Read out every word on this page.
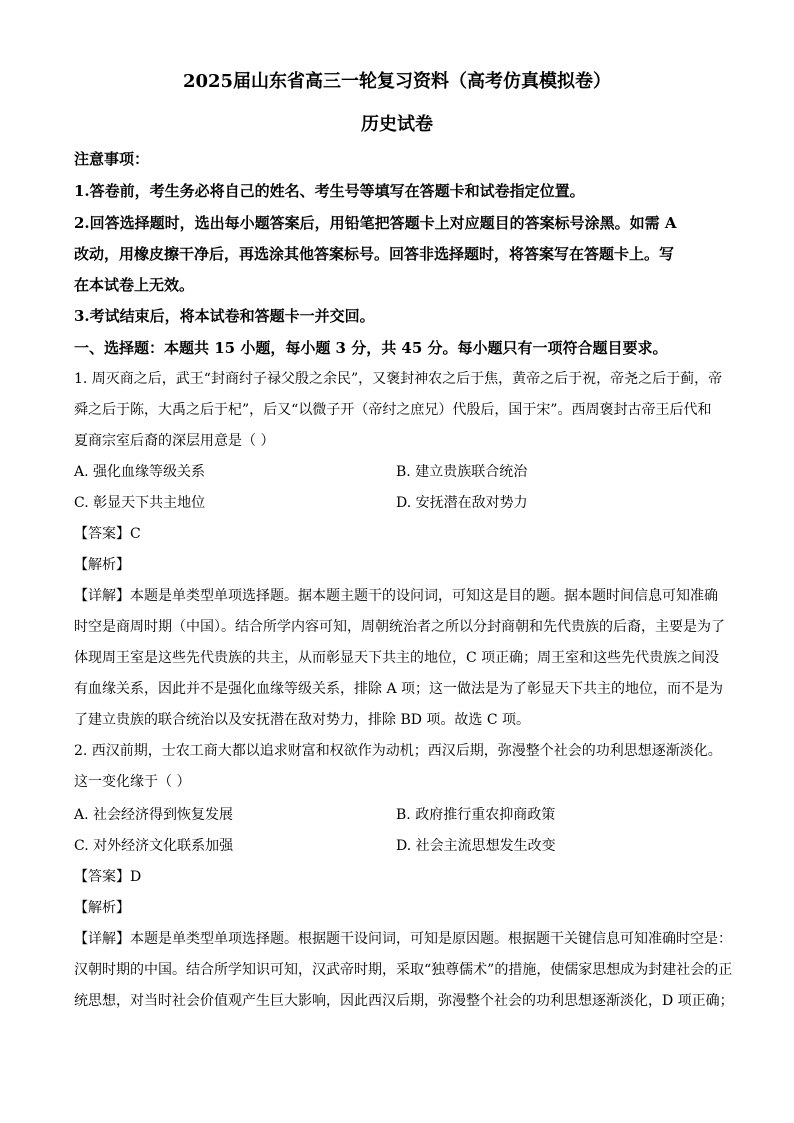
2025届山东省高三一轮复习资料（高考仿真模拟卷）
历史试卷
注意事项：
1.答卷前，考生务必将自己的姓名、考生号等填写在答题卡和试卷指定位置。
2.回答选择题时，选出每小题答案后，用铅笔把答题卡上对应题目的答案标号涂黑。如需 A
改动，用橡皮擦干净后，再选涂其他答案标号。回答非选择题时，将答案写在答题卡上。写
在本试卷上无效。
3.考试结束后，将本试卷和答题卡一并交回。
一、选择题：本题共 15 小题，每小题 3 分，共 45 分。每小题只有一项符合题目要求。
1. 周灭商之后，武王“封商纣子禄父殷之余民”，又褒封神农之后于焦，黄帝之后于祝，帝尧之后于蓟，帝
舜之后于陈，大禹之后于杞”，后又“以微子开（帝纣之庶兄）代殷后，国于宋”。西周褒封古帝王后代和
夏商宗室后裔的深层用意是（ ）
A. 强化血缘等级关系	B. 建立贵族联合统治
C. 彰显天下共主地位	D. 安抚潜在敌对势力
【答案】C
【解析】
【详解】本题是单类型单项选择题。据本题主题干的设问词，可知这是目的题。据本题时间信息可知准确
时空是商周时期（中国）。结合所学内容可知，周朝统治者之所以分封商朝和先代贵族的后裔，主要是为了
体现周王室是这些先代贵族的共主，从而彰显天下共主的地位，C 项正确；周王室和这些先代贵族之间没
有血缘关系，因此并不是强化血缘等级关系，排除 A 项；这一做法是为了彰显天下共主的地位，而不是为
了建立贵族的联合统治以及安抚潜在敌对势力，排除 BD 项。故选 C 项。
2. 西汉前期，士农工商大都以追求财富和权欲作为动机；西汉后期，弥漫整个社会的功利思想逐渐淡化。
这一变化缘于（ ）
A. 社会经济得到恢复发展	B. 政府推行重农抑商政策
C. 对外经济文化联系加强	D. 社会主流思想发生改变
【答案】D
【解析】
【详解】本题是单类型单项选择题。根据题干设问词，可知是原因题。根据题干关键信息可知准确时空是：
汉朝时期的中国。结合所学知识可知，汉武帝时期，采取“独尊儒术”的措施，使儒家思想成为封建社会的正
统思想，对当时社会价值观产生巨大影响，因此西汉后期，弥漫整个社会的功利思想逐渐淡化，D 项正确；
